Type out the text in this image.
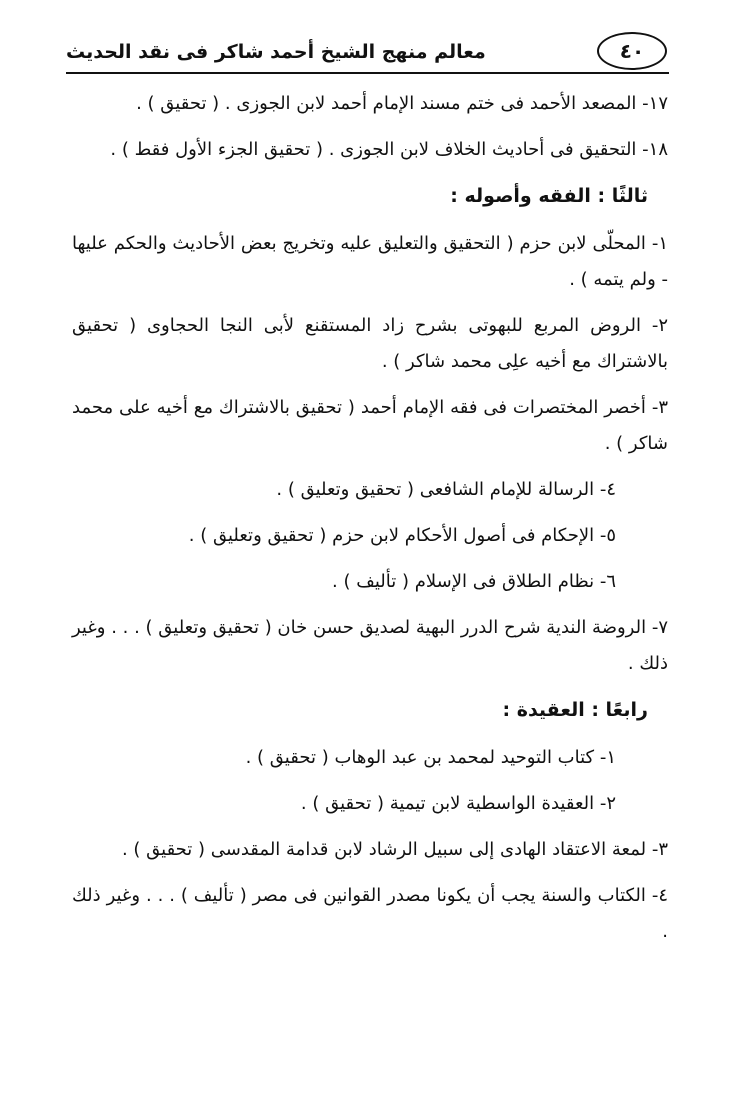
معالم منهج الشيخ أحمد شاكر فى نقد الحديث	٤٠
١٧- المصعد الأحمد فى ختم مسند الإمام أحمد لابن الجوزى . ( تحقيق ) .
١٨- التحقيق فى أحاديث الخلاف لابن الجوزى . ( تحقيق الجزء الأول فقط ) .
ثالثًا : الفقه وأصوله :
١- المحلّى لابن حزم ( التحقيق والتعليق عليه وتخريج بعض الأحاديث والحكم عليها - ولم يتمه ) .
٢- الروض المربع للبهوتى بشرح زاد المستقنع لأبى النجا الحجاوى ( تحقيق بالاشتراك مع أخيه علِى محمد شاكر ) .
٣- أخصر المختصرات فى فقه الإمام أحمد ( تحقيق بالاشتراك مع أخيه على محمد شاكر ) .
٤- الرسالة للإمام الشافعى ( تحقيق وتعليق ) .
٥- الإحكام فى أصول الأحكام لابن حزم ( تحقيق وتعليق ) .
٦- نظام الطلاق فى الإسلام ( تأليف ) .
٧- الروضة الندية شرح الدرر البهية لصديق حسن خان ( تحقيق وتعليق ) . . . وغير ذلك .
رابعًا : العقيدة :
١- كتاب التوحيد لمحمد بن عبد الوهاب ( تحقيق ) .
٢- العقيدة الواسطية لابن تيمية ( تحقيق ) .
٣- لمعة الاعتقاد الهادى إلى سبيل الرشاد لابن قدامة المقدسى ( تحقيق ) .
٤- الكتاب والسنة يجب أن يكونا مصدر القوانين فى مصر ( تأليف ) . . . وغير ذلك .
